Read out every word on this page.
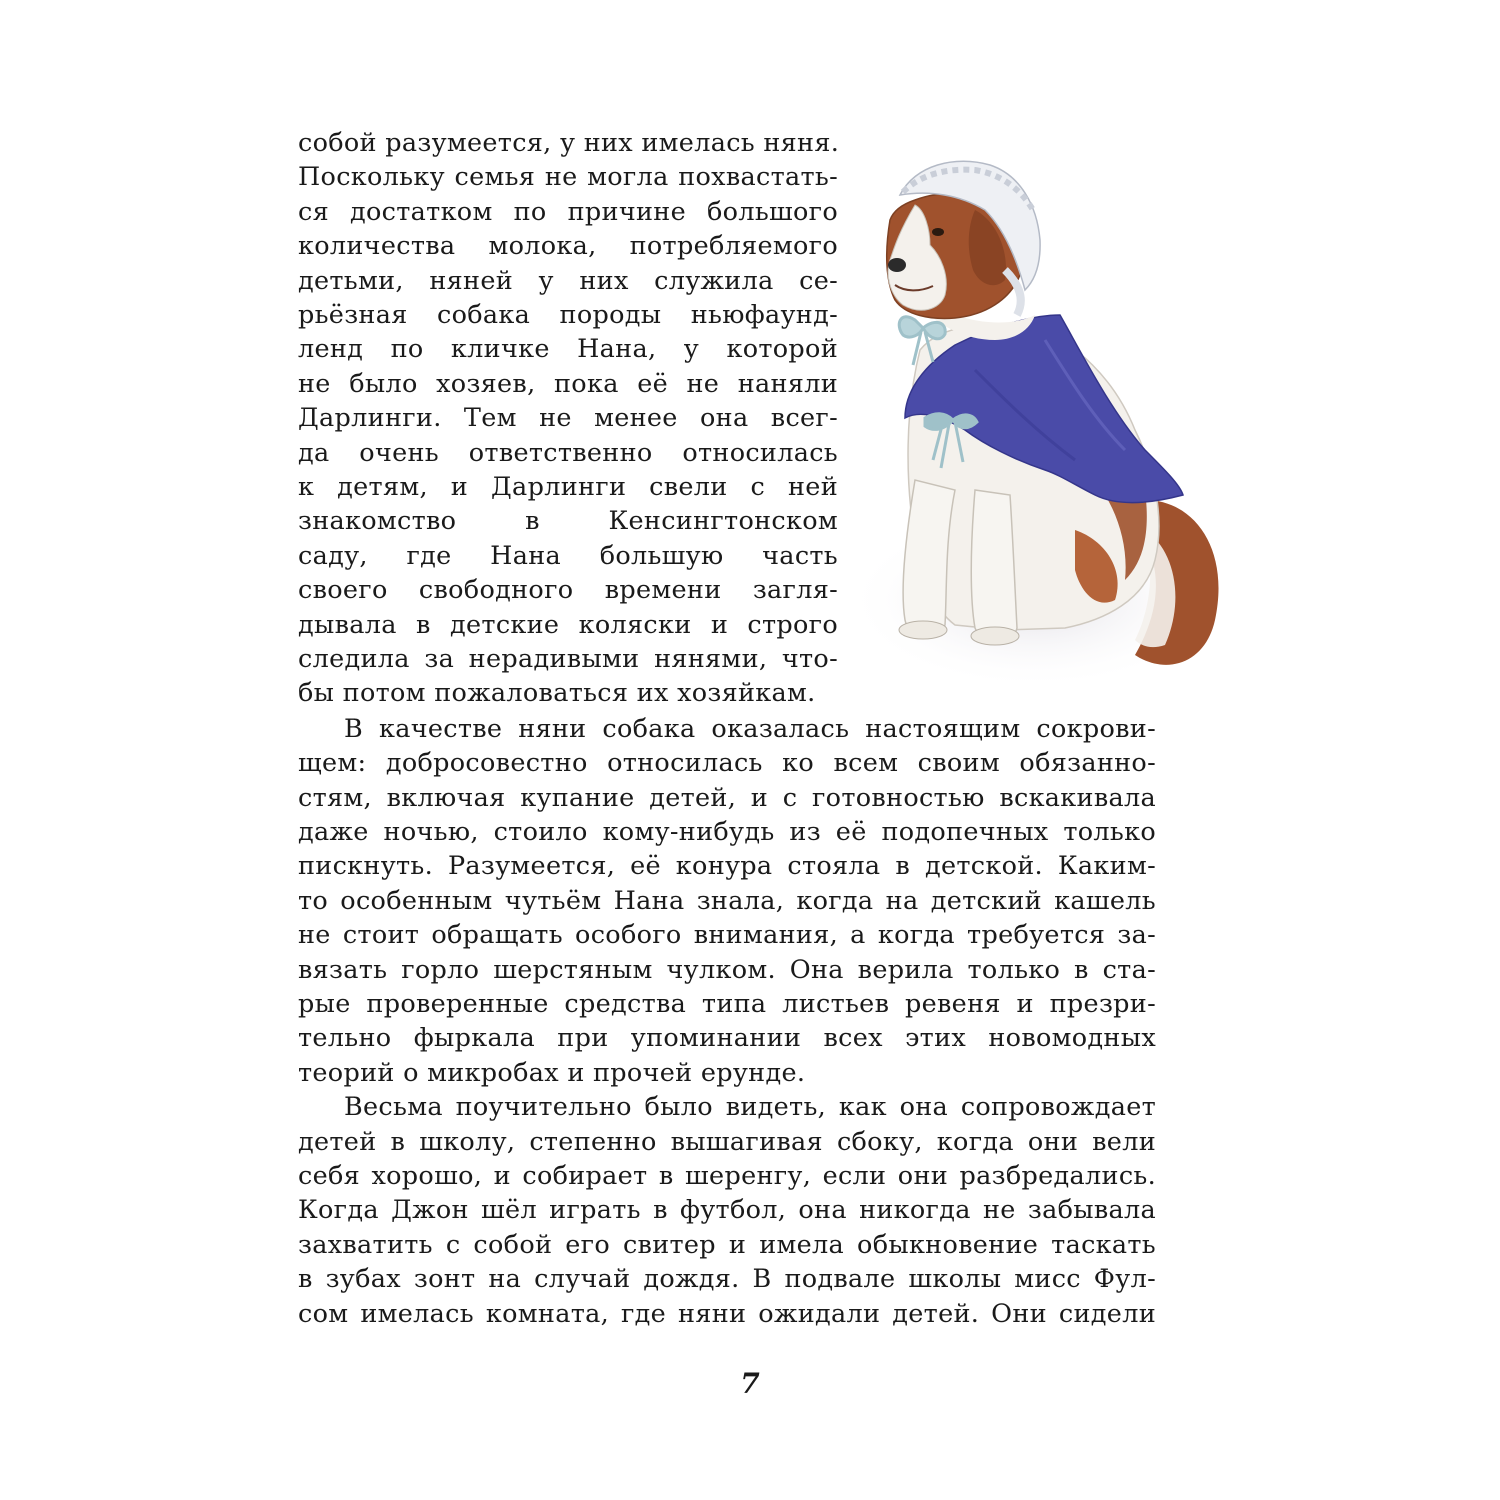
собой разумеется, у них имелась няня.
Поскольку семья не могла похвастать-
ся достатком по причине большого
количества молока, потребляемого
детьми, няней у них служила се-
рьёзная собака породы ньюфаунд-
ленд по кличке Нана, у которой
не было хозяев, пока её не наняли
Дарлинги. Тем не менее она всег-
да очень ответственно относилась
к детям, и Дарлинги свели с ней
знакомство в Кенсингтонском
саду, где Нана большую часть
своего свободного времени загля-
дывала в детские коляски и строго
следила за нерадивыми нянями, что-
бы потом пожаловаться их хозяйкам.
В качестве няни собака оказалась настоящим сокрови-
щем: добросовестно относилась ко всем своим обязанно-
стям, включая купание детей, и с готовностью вскакивала
даже ночью, стоило кому-нибудь из её подопечных только
пискнуть. Разумеется, её конура стояла в детской. Каким-
то особенным чутьём Нана знала, когда на детский кашель
не стоит обращать особого внимания, а когда требуется за-
вязать горло шерстяным чулком. Она верила только в ста-
рые проверенные средства типа листьев ревеня и презри-
тельно фыркала при упоминании всех этих новомодных
теорий о микробах и прочей ерунде.
Весьма поучительно было видеть, как она сопровождает
детей в школу, степенно вышагивая сбоку, когда они вели
себя хорошо, и собирает в шеренгу, если они разбредались.
Когда Джон шёл играть в футбол, она никогда не забывала
захватить с собой его свитер и имела обыкновение таскать
в зубах зонт на случай дождя. В подвале школы мисс Фул-
сом имелась комната, где няни ожидали детей. Они сидели
7
